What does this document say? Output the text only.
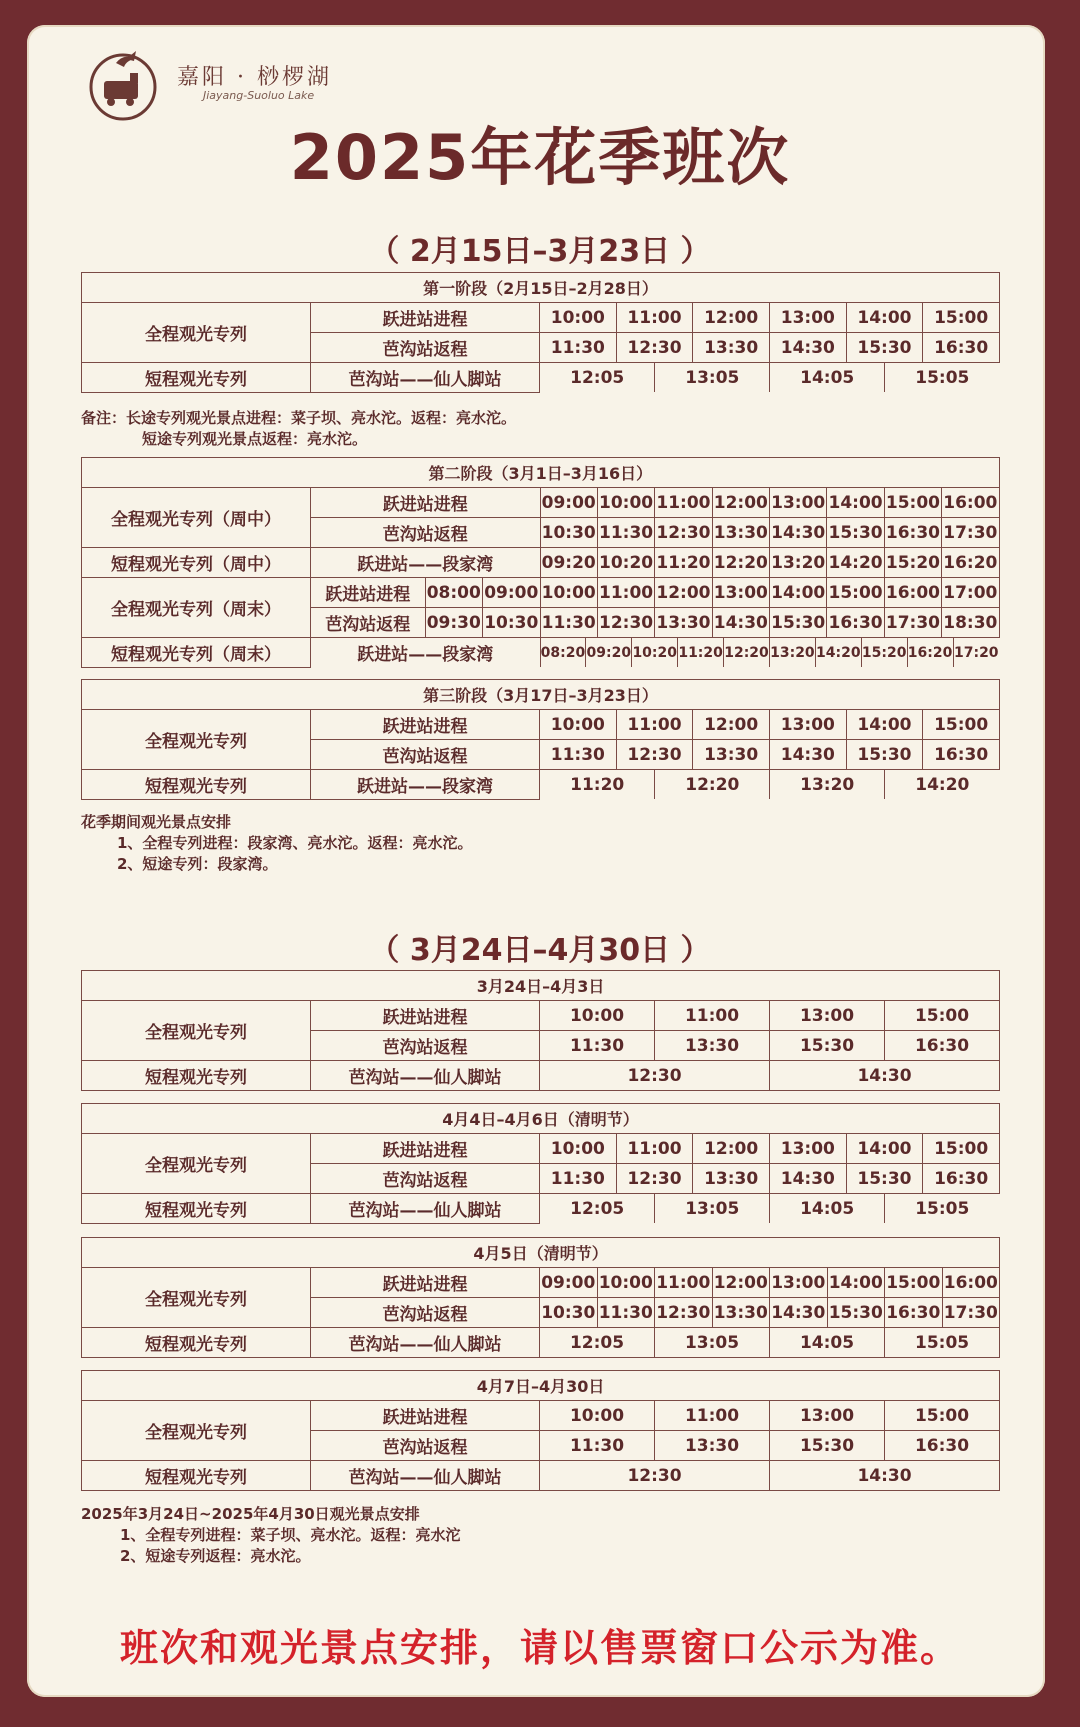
嘉阳 · 桫椤湖
Jiayang-Suoluo Lake
2025年花季班次
（ 2月15日–3月23日 ）
第一阶段（2月15日–2月28日）
全程观光专列	跃进站进程	10:00	11:00	12:00	13:00	14:00	15:00
芭沟站返程	11:30	12:30	13:30	14:30	15:30	16:30
短程观光专列	芭沟站——仙人脚站		12:05	13:05	14:05	15:05
备注：长途专列观光景点进程：菜子坝、亮水沱。返程：亮水沱。
短途专列观光景点返程：亮水沱。
第二阶段（3月1日–3月16日）
全程观光专列（周中）	跃进站进程	09:00	10:00	11:00	12:00	13:00	14:00	15:00	16:00
芭沟站返程	10:30	11:30	12:30	13:30	14:30	15:30	16:30	17:30
短程观光专列（周中）	跃进站——段家湾	09:20	10:20	11:20	12:20	13:20	14:20	15:20	16:20
全程观光专列（周末）	跃进站进程	08:00	09:00	10:00	11:00	12:00	13:00	14:00	15:00	16:00	17:00
芭沟站返程	09:30	10:30	11:30	12:30	13:30	14:30	15:30	16:30	17:30	18:30
短程观光专列（周末）		跃进站——段家湾	08:20	09:20	10:20	11:20	12:20	13:20	14:20	15:20	16:20	17:20
第三阶段（3月17日–3月23日）
全程观光专列	跃进站进程	10:00	11:00	12:00	13:00	14:00	15:00
芭沟站返程	11:30	12:30	13:30	14:30	15:30	16:30
短程观光专列	跃进站——段家湾		11:20	12:20	13:20	14:20
花季期间观光景点安排
1、全程专列进程：段家湾、亮水沱。返程：亮水沱。
2、短途专列：段家湾。
（ 3月24日–4月30日 ）
3月24日–4月3日					
全程观光专列	跃进站进程	10:00	11:00	13:00	15:00
	芭沟站返程	11:30	13:30	15:30	16:30
短程观光专列	芭沟站——仙人脚站	12:30		14:30	
4月4日–4月6日（清明节）
全程观光专列	跃进站进程	10:00	11:00	12:00	13:00	14:00	15:00
芭沟站返程	11:30	12:30	13:30	14:30	15:30	16:30
短程观光专列	芭沟站——仙人脚站		12:05	13:05	14:05	15:05
4月5日（清明节）									
全程观光专列	跃进站进程	09:00	10:00	11:00	12:00	13:00	14:00	15:00	16:00
	芭沟站返程	10:30	11:30	12:30	13:30	14:30	15:30	16:30	17:30
短程观光专列	芭沟站——仙人脚站	12:05		13:05		14:05		15:05	
4月7日–4月30日					
全程观光专列	跃进站进程	10:00	11:00	13:00	15:00
	芭沟站返程	11:30	13:30	15:30	16:30
短程观光专列	芭沟站——仙人脚站	12:30		14:30	
2025年3月24日~2025年4月30日观光景点安排
1、全程专列进程：菜子坝、亮水沱。返程：亮水沱
2、短途专列返程：亮水沱。
班次和观光景点安排，请以售票窗口公示为准。
